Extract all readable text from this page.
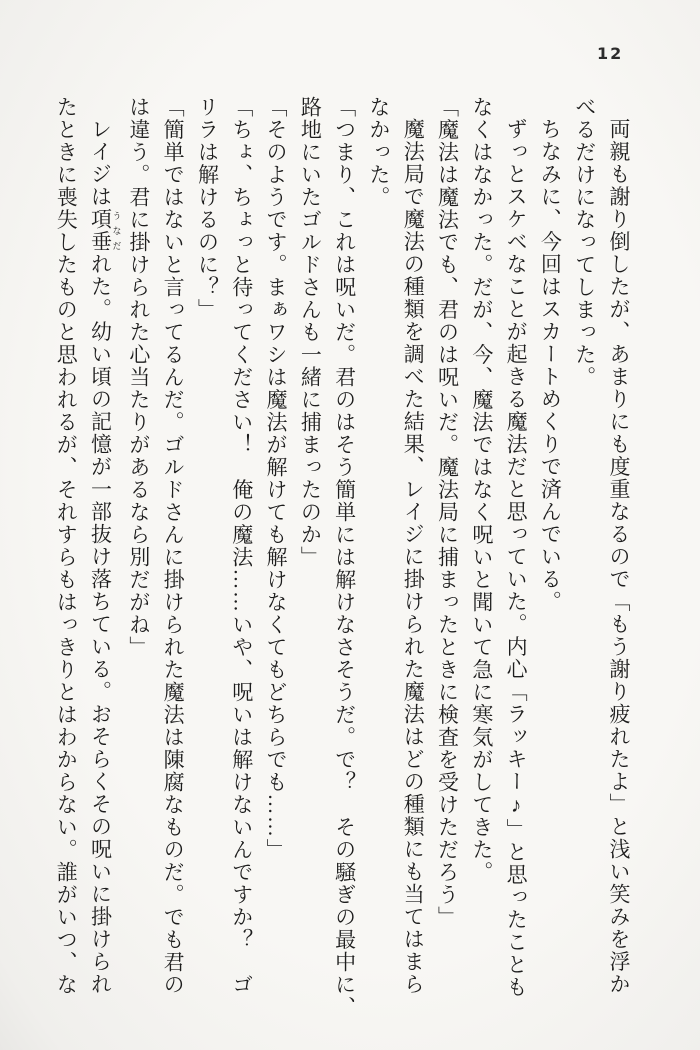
12

両親も謝り倒したが、あまりにも度重なるので「もう謝り疲れたよ」と浅い笑みを浮か

べるだけになってしまった。

ちなみに、今回はスカートめくりで済んでいる。

ずっとスケベなことが起きる魔法だと思っていた。内心「ラッキー♪」と思ったことも

なくはなかった。だが、今、魔法ではなく呪いと聞いて急に寒気がしてきた。

「魔法は魔法でも、君のは呪いだ。魔法局に捕まったときに検査を受けただろう」

魔法局で魔法の種類を調べた結果、レイジに掛けられた魔法はどの種類にも当てはまら

なかった。

「つまり、これは呪いだ。君のはそう簡単には解けなさそうだ。で？　その騒ぎの最中に、

路地にいたゴルドさんも一緒に捕まったのか」

「そのようです。まぁワシは魔法が解けても解けなくてもどちらでも……」

「ちょ、ちょっと待ってください！　俺の魔法……いや、呪いは解けないんですか？　ゴ

リラは解けるのに？」

「簡単ではないと言ってるんだ。ゴルドさんに掛けられた魔法は陳腐なものだ。でも君の

は違う。君に掛けられた心当たりがあるなら別だがね」

レイジは項垂 うなだれた。幼い頃の記憶が一部抜け落ちている。おそらくその呪いに掛けられ

たときに喪失したものと思われるが、それすらもはっきりとはわからない。誰がいつ、な
